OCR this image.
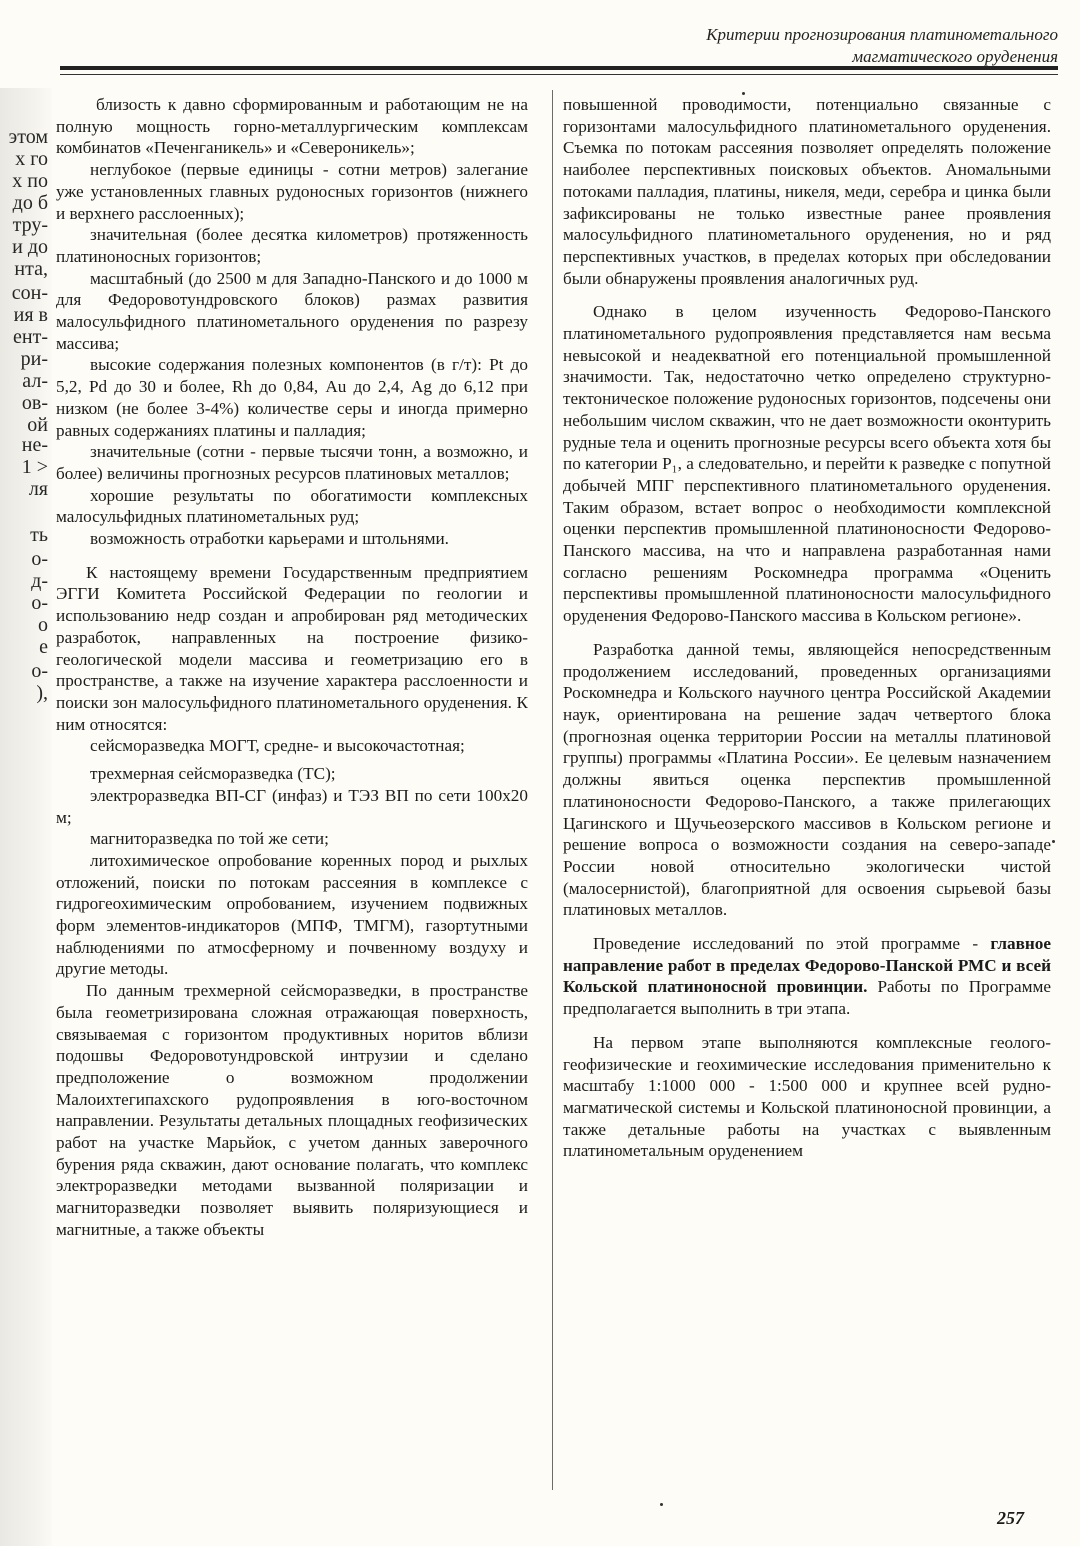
этом
х го
х по
до б
тру-
и до
нта,
сон-
ия в
ент-
ри-
ал-
ов-
ой
не-
1 >
ля
ть
о-
д-
о-
о
е
о-
),
Критерии прогнозирования платинометального
магматического оруденения

близость к давно сформированным и работающим не на полную мощность горно-металлургическим комплексам комбинатов «Печенганикель» и «Североникель»;

неглубокое (первые единицы - сотни метров) залегание уже установленных главных рудоносных горизонтов (нижнего и верхнего расслоенных);

значительная (более десятка километров) протяженность платиноносных горизонтов;

масштабный (до 2500 м для Западно-Панского и до 1000 м для Федоровотундровского блоков) размах развития малосульфидного платинометального оруденения по разрезу массива;

высокие содержания полезных компонентов (в г/т): Pt до 5,2, Pd до 30 и более, Rh до 0,84, Au до 2,4, Ag до 6,12 при низком (не более 3-4%) количестве серы и иногда примерно равных содержаниях платины и палладия;

значительные (сотни - первые тысячи тонн, а возможно, и более) величины прогнозных ресурсов платиновых металлов;

хорошие результаты по обогатимости комплексных малосульфидных платинометальных руд;

возможность отработки карьерами и штольнями.

К настоящему времени Государственным предприятием ЭГГИ Комитета Российской Федерации по геологии и использованию недр создан и апробирован ряд методических разработок, направленных на построение физико-геологической модели массива и геометризацию его в пространстве, а также на изучение характера расслоенности и поиски зон малосульфидного платинометального оруденения. К ним относятся:

сейсморазведка МОГТ, средне- и высокочастотная;

трехмерная сейсморазведка (ТС);

электроразведка ВП-СГ (инфаз) и ТЭЗ ВП по сети 100х20 м;

магниторазведка по той же сети;

литохимическое опробование коренных пород и рыхлых отложений, поиски по потокам рассеяния в комплексе с гидрогеохимическим опробованием, изучением подвижных форм элементов-индикаторов (МПФ, ТМГМ), газортутными наблюдениями по атмосферному и почвенному воздуху и другие методы.

По данным трехмерной сейсморазведки, в пространстве была геометризирована сложная отражающая поверхность, связываемая с горизонтом продуктивных норитов вблизи подошвы Федоровотундровской интрузии и сделано предположение о возможном продолжении Малоихтегипахского рудопроявления в юго-восточном направлении. Результаты детальных площадных геофизических работ на участке Марьйок, с учетом данных заверочного бурения ряда скважин, дают основание полагать, что комплекс электроразведки методами вызванной поляризации и магниторазведки позволяет выявить поляризующиеся и магнитные, а также объекты

повышенной проводимости, потенциально связанные с горизонтами малосульфидного платинометального оруденения. Съемка по потокам рассеяния позволяет определять положение наиболее перспективных поисковых объектов. Аномальными потоками палладия, платины, никеля, меди, серебра и цинка были зафиксированы не только известные ранее проявления малосульфидного платинометального оруденения, но и ряд перспективных участков, в пределах которых при обследовании были обнаружены проявления аналогичных руд.

Однако в целом изученность Федорово-Панского платинометального рудопроявления представляется нам весьма невысокой и неадекватной его потенциальной промышленной значимости. Так, недостаточно четко определено структурно-тектоническое положение рудоносных горизонтов, подсечены они небольшим числом скважин, что не дает возможности оконтурить рудные тела и оценить прогнозные ресурсы всего объекта хотя бы по категории P₁, а следовательно, и перейти к разведке с попутной добычей МПГ перспективного платинометального оруденения. Таким образом, встает вопрос о необходимости комплексной оценки перспектив промышленной платиноносности Федорово-Панского массива, на что и направлена разработанная нами согласно решениям Роскомнедра программа «Оценить перспективы промышленной платиноносности малосульфидного оруденения Федорово-Панского массива в Кольском регионе».

Разработка данной темы, являющейся непосредственным продолжением исследований, проведенных организациями Роскомнедра и Кольского научного центра Российской Академии наук, ориентирована на решение задач четвертого блока (прогнозная оценка территории России на металлы платиновой группы) программы «Платина России». Ее целевым назначением должны явиться оценка перспектив промышленной платиноносности Федорово-Панского, а также прилегающих Цагинского и Щучьеозерского массивов в Кольском регионе и решение вопроса о возможности создания на северо-западе России новой относительно экологически чистой (малосернистой), благоприятной для освоения сырьевой базы платиновых металлов.

Проведение исследований по этой программе - главное направление работ в пределах Федорово-Панской РМС и всей Кольской платиноносной провинции. Работы по Программе предполагается выполнить в три этапа.

На первом этапе выполняются комплексные геолого-геофизические и геохимические исследования применительно к масштабу 1:1000 000 - 1:500 000 и крупнее всей рудно-магматической системы и Кольской платиноносной провинции, а также детальные работы на участках с выявленным платинометальным оруденением

257
